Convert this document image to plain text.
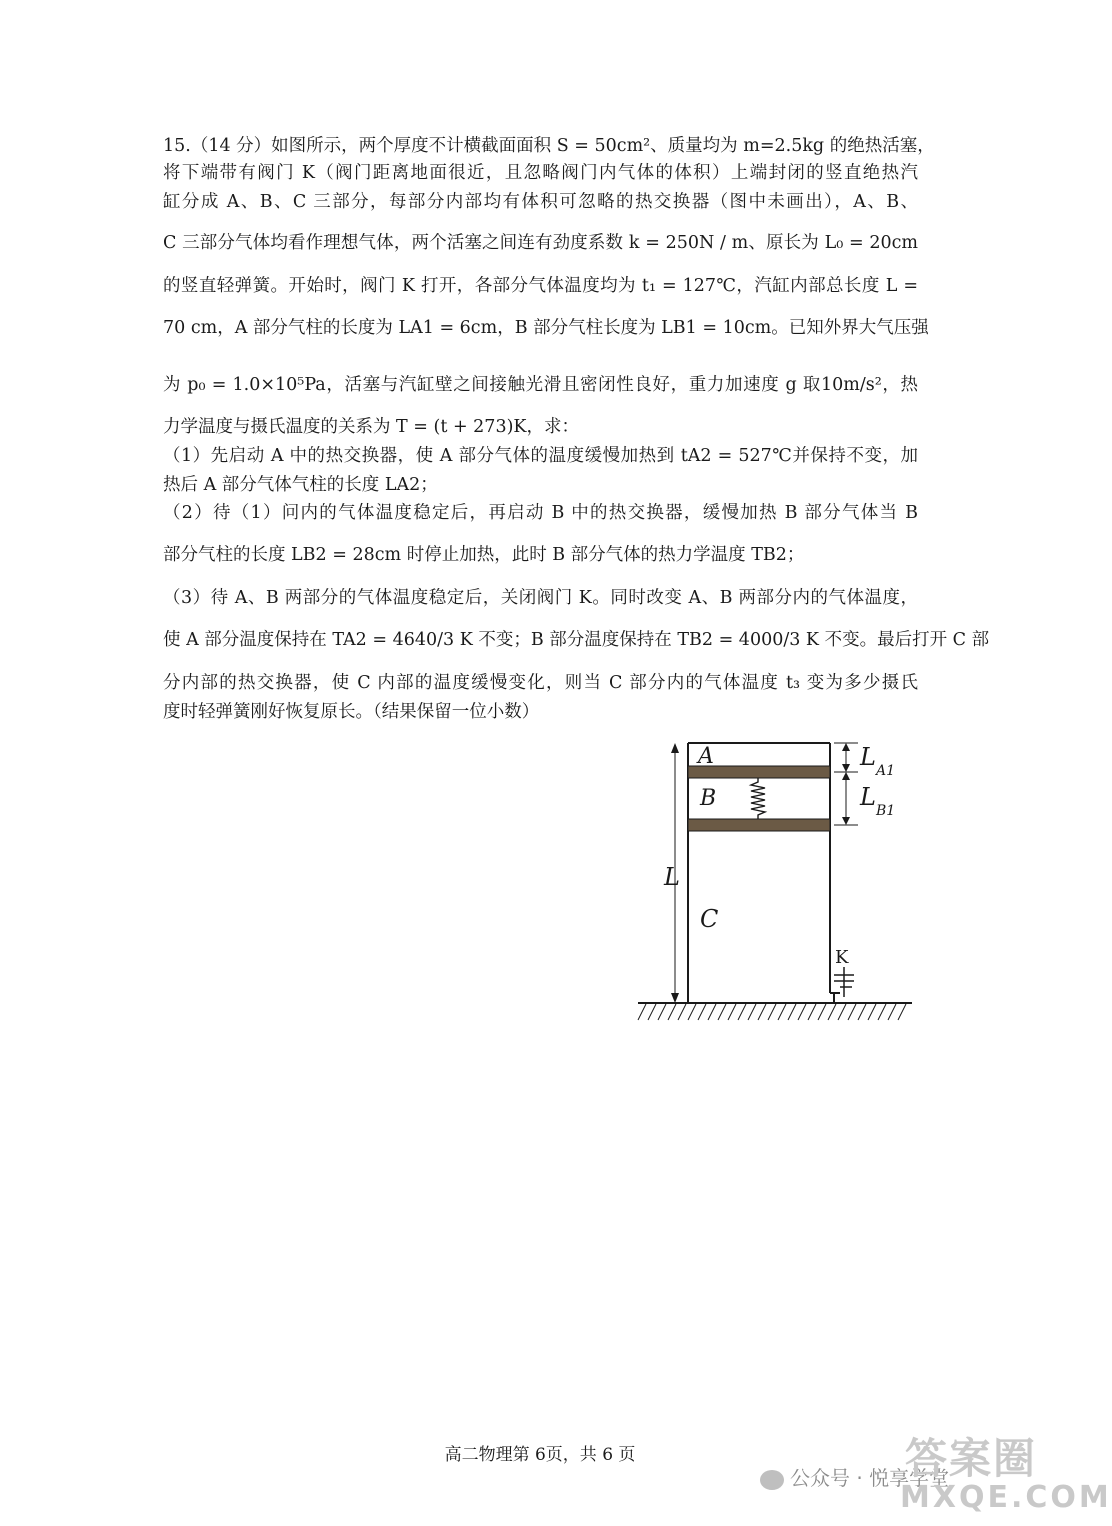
15.（14 分）如图所示，两个厚度不计横截面面积 S = 50cm²、质量均为 m=2.5kg 的绝热活塞，
将下端带有阀门 K（阀门距离地面很近，且忽略阀门内气体的体积）上端封闭的竖直绝热汽
缸分成 A、B、C 三部分，每部分内部均有体积可忽略的热交换器（图中未画出），A、B、
C 三部分气体均看作理想气体，两个活塞之间连有劲度系数 k = 250N / m、原长为 L₀ = 20cm
的竖直轻弹簧。开始时，阀门 K 打开，各部分气体温度均为 t₁ = 127℃，汽缸内部总长度 L =
70 cm，A 部分气柱的长度为 LA1 = 6cm，B 部分气柱长度为 LB1 = 10cm。已知外界大气压强
为 p₀ = 1.0×10⁵Pa，活塞与汽缸壁之间接触光滑且密闭性良好，重力加速度 g 取10m/s²，热
力学温度与摄氏温度的关系为 T = (t + 273)K，求：
（1）先启动 A 中的热交换器，使 A 部分气体的温度缓慢加热到 tA2 = 527℃并保持不变，加
热后 A 部分气体气柱的长度 LA2；
（2）待（1）问内的气体温度稳定后，再启动 B 中的热交换器，缓慢加热 B 部分气体当 B
部分气柱的长度 LB2 = 28cm 时停止加热，此时 B 部分气体的热力学温度 TB2；
（3）待 A、B 两部分的气体温度稳定后，关闭阀门 K。同时改变 A、B 两部分内的气体温度，
使 A 部分温度保持在 TA2 = 4640/3 K 不变；B 部分温度保持在 TB2 = 4000/3 K 不变。最后打开 C 部
分内部的热交换器，使 C 内部的温度缓慢变化，则当 C 部分内的气体温度 t₃ 变为多少摄氏
度时轻弹簧刚好恢复原长。（结果保留一位小数）
A
B
C
L
L A1
L B1
K
高二物理第 6页，共 6 页
公众号 · 悦享学堂
答案圈
MXQE.COM
